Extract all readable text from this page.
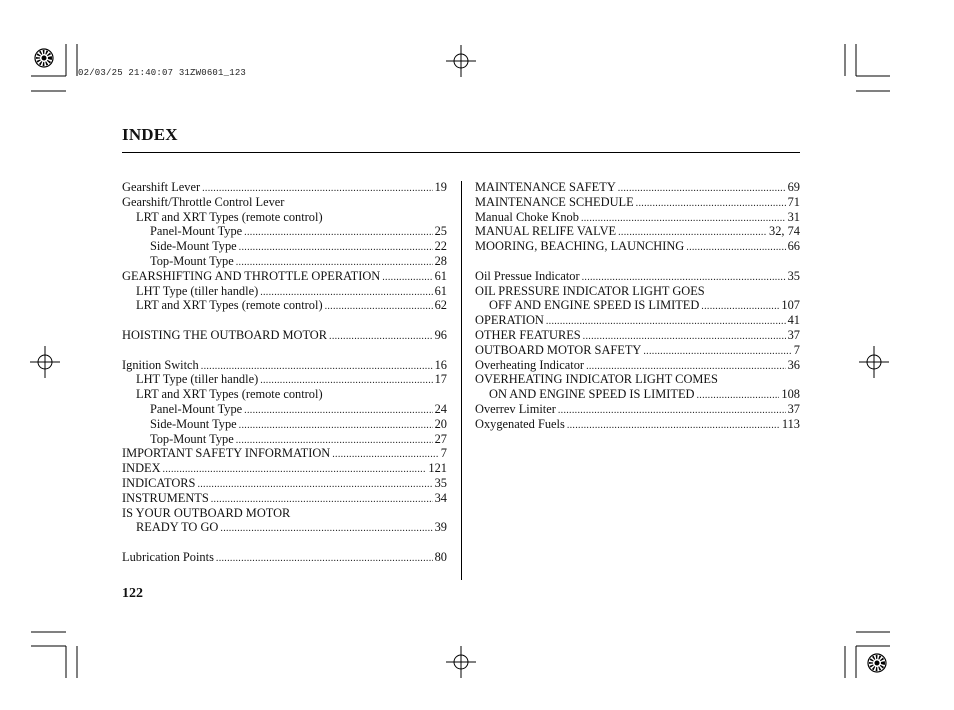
02/03/25 21:40:07 31ZW0601_123
INDEX
Gearshift Lever .....	19
Gearshift/Throttle Control Lever
LRT and XRT Types (remote control)
Panel-Mount Type .....	25
Side-Mount Type .....	22
Top-Mount Type .....	28
GEARSHIFTING AND THROTTLE OPERATION .....	61
LHT Type (tiller handle) .....	61
LRT and XRT Types (remote control) .....	62
HOISTING THE OUTBOARD MOTOR .....	96
Ignition Switch .....	16
LHT Type (tiller handle) .....	17
LRT and XRT Types (remote control)
Panel-Mount Type .....	24
Side-Mount Type .....	20
Top-Mount Type .....	27
IMPORTANT SAFETY INFORMATION .....	7
INDEX .....	121
INDICATORS .....	35
INSTRUMENTS .....	34
IS YOUR OUTBOARD MOTOR
READY TO GO .....	39
Lubrication Points .....	80
MAINTENANCE SAFETY .....	69
MAINTENANCE SCHEDULE .....	71
Manual Choke Knob .....	31
MANUAL RELIFE VALVE .....	32, 74
MOORING, BEACHING, LAUNCHING .....	66
Oil Pressue Indicator .....	35
OIL PRESSURE INDICATOR LIGHT GOES
OFF AND ENGINE SPEED IS LIMITED .....	107
OPERATION .....	41
OTHER FEATURES .....	37
OUTBOARD MOTOR SAFETY .....	7
Overheating Indicator .....	36
OVERHEATING INDICATOR LIGHT COMES
ON AND ENGINE SPEED IS LIMITED .....	108
Overrev Limiter .....	37
Oxygenated Fuels .....	113
122
